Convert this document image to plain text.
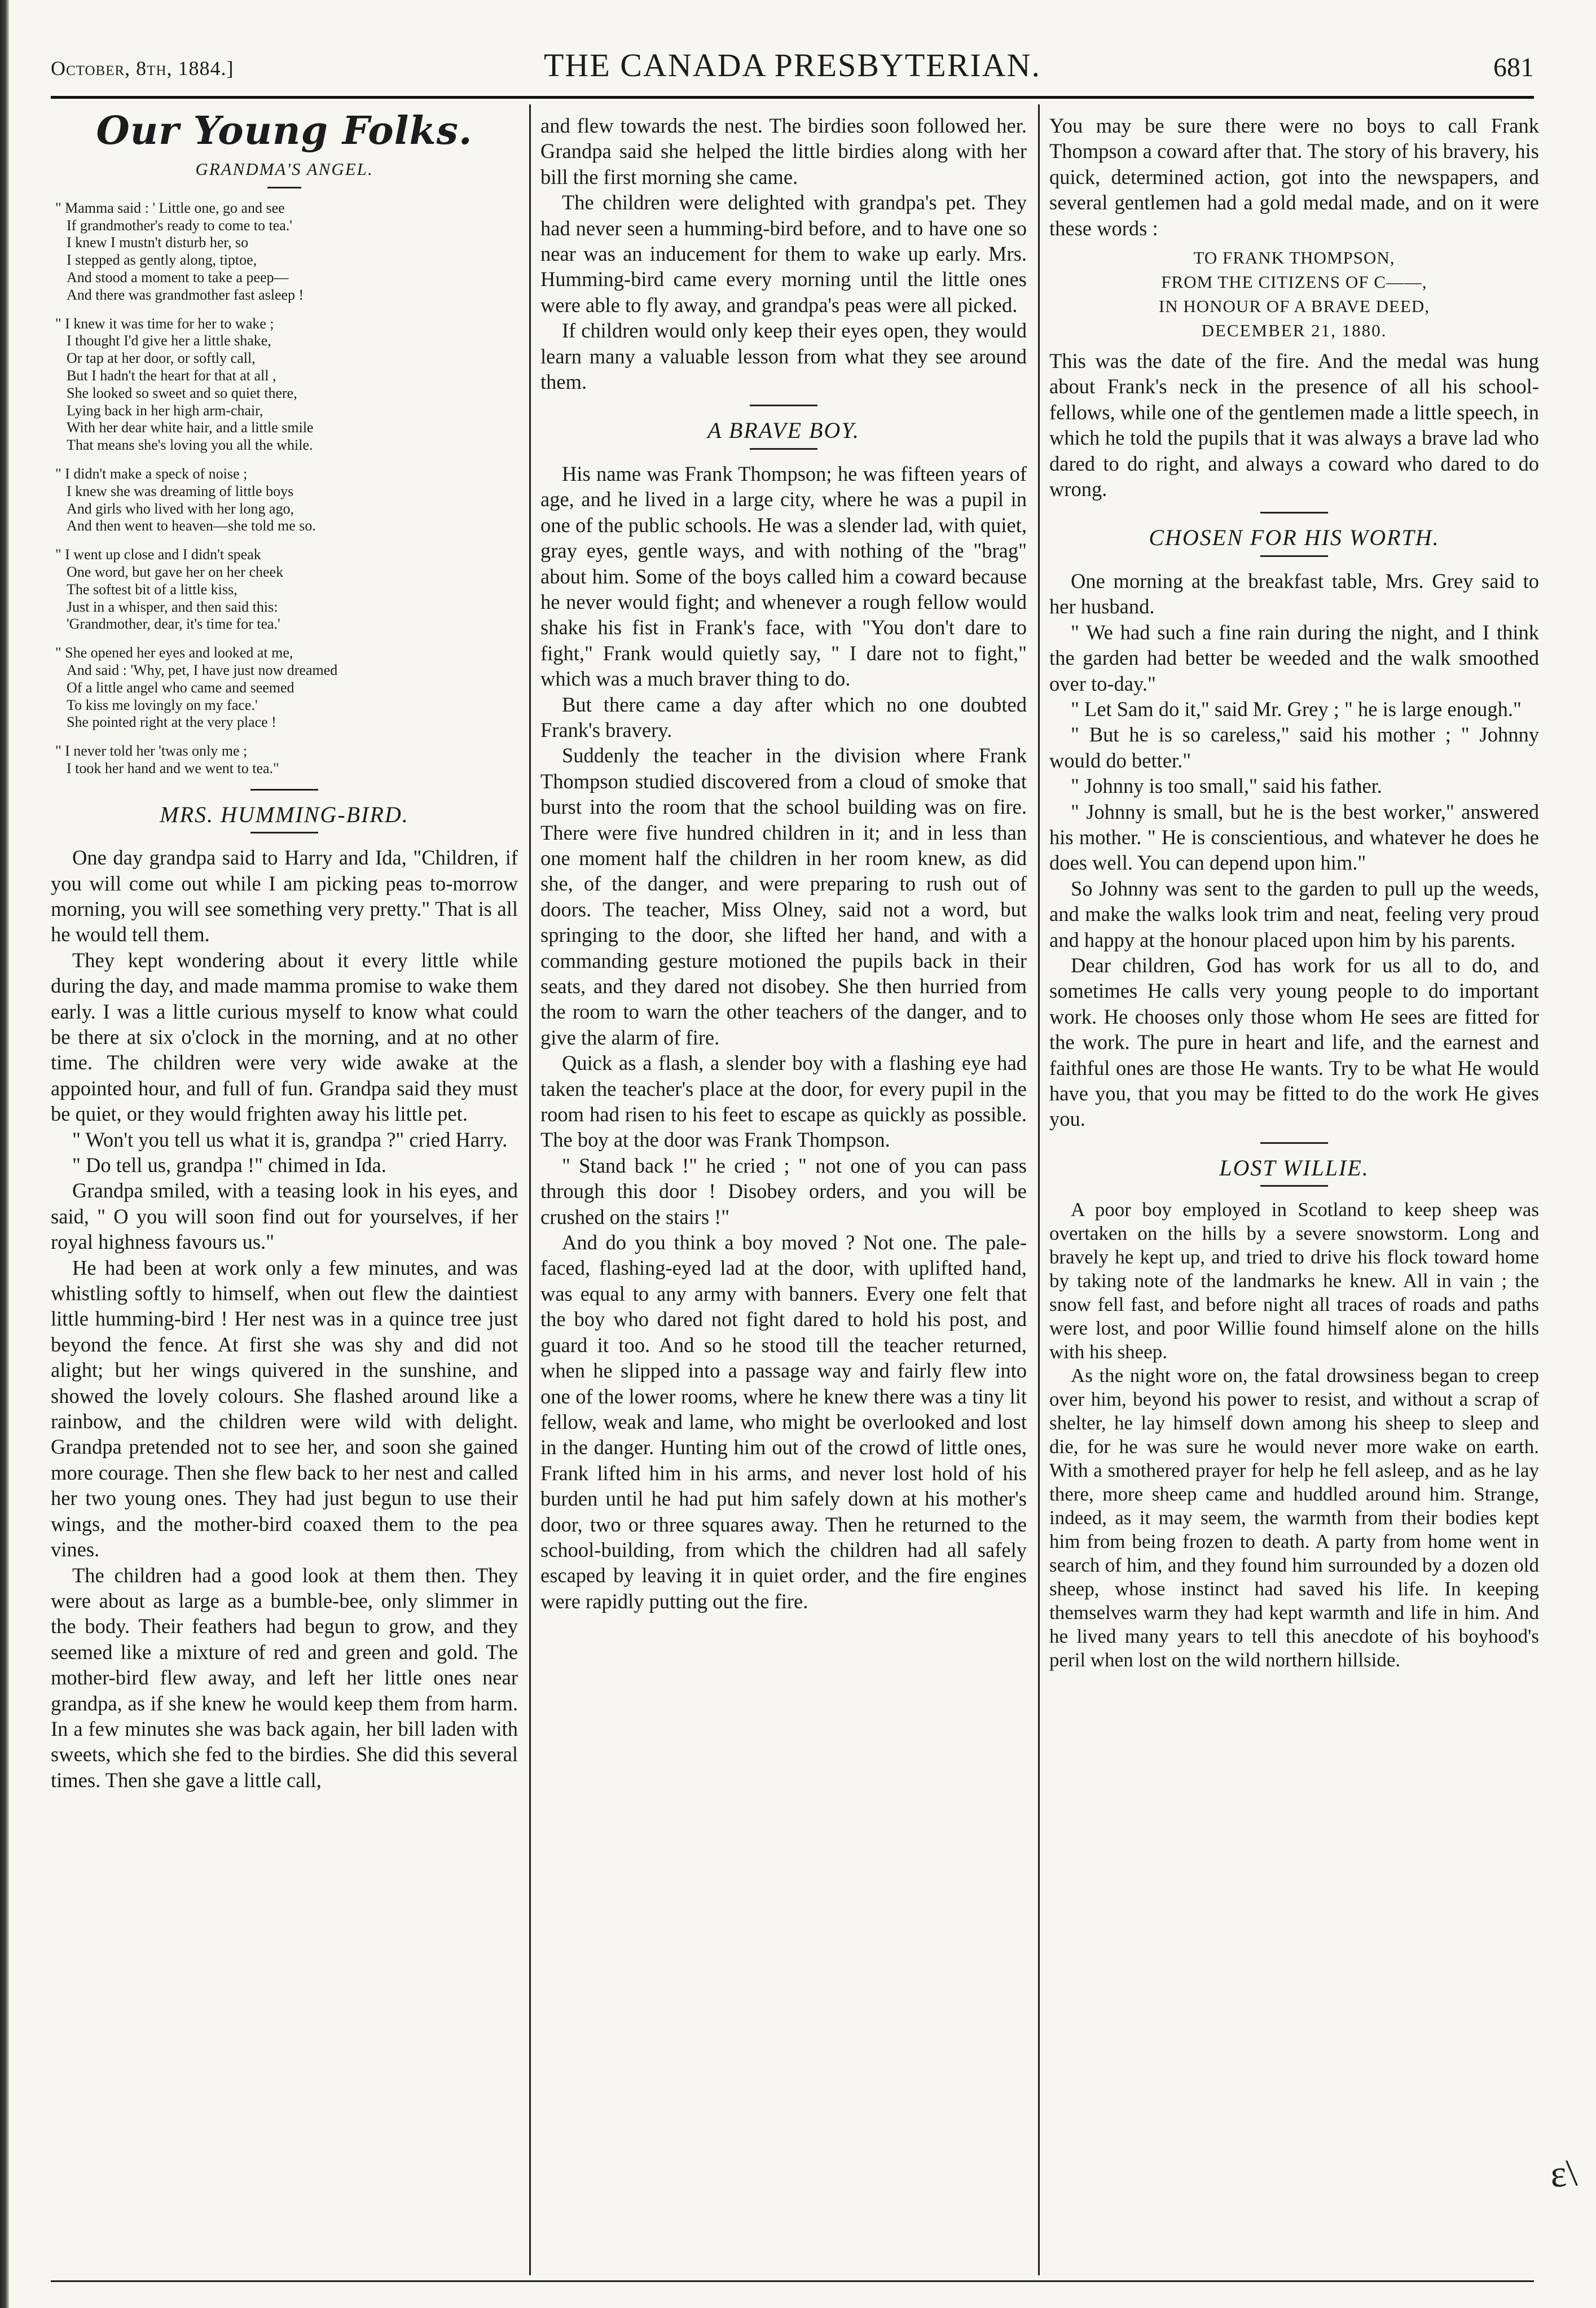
October, 8th, 1884.]	THE CANADA PRESBYTERIAN.	681
Our Young Folks.
GRANDMA'S ANGEL.
" Mamma said : ' Little one, go and see
If grandmother's ready to come to tea.'
I knew I mustn't disturb her, so
I stepped as gently along, tiptoe,
And stood a moment to take a peep—
And there was grandmother fast asleep !
" I knew it was time for her to wake ;
I thought I'd give her a little shake,
Or tap at her door, or softly call,
But I hadn't the heart for that at all ,
She looked so sweet and so quiet there,
Lying back in her high arm-chair,
With her dear white hair, and a little smile
That means she's loving you all the while.
" I didn't make a speck of noise ;
I knew she was dreaming of little boys
And girls who lived with her long ago,
And then went to heaven—she told me so.
" I went up close and I didn't speak
One word, but gave her on her cheek
The softest bit of a little kiss,
Just in a whisper, and then said this:
'Grandmother, dear, it's time for tea.'
" She opened her eyes and looked at me,
And said : 'Why, pet, I have just now dreamed
Of a little angel who came and seemed
To kiss me lovingly on my face.'
She pointed right at the very place !
" I never told her 'twas only me ;
I took her hand and we went to tea."
MRS. HUMMING-BIRD.

One day grandpa said to Harry and Ida, "Children, if you will come out while I am picking peas to-morrow morning, you will see something very pretty." That is all he would tell them.

They kept wondering about it every little while during the day, and made mamma promise to wake them early. I was a little curious myself to know what could be there at six o'clock in the morning, and at no other time. The children were very wide awake at the appointed hour, and full of fun. Grandpa said they must be quiet, or they would frighten away his little pet.

" Won't you tell us what it is, grandpa ?" cried Harry.

" Do tell us, grandpa !" chimed in Ida.

Grandpa smiled, with a teasing look in his eyes, and said, " O you will soon find out for yourselves, if her royal highness favours us."

He had been at work only a few minutes, and was whistling softly to himself, when out flew the daintiest little humming-bird ! Her nest was in a quince tree just beyond the fence. At first she was shy and did not alight; but her wings quivered in the sunshine, and showed the lovely colours. She flashed around like a rainbow, and the children were wild with delight. Grandpa pretended not to see her, and soon she gained more courage. Then she flew back to her nest and called her two young ones. They had just begun to use their wings, and the mother-bird coaxed them to the pea vines.

The children had a good look at them then. They were about as large as a bumble-bee, only slimmer in the body. Their feathers had begun to grow, and they seemed like a mixture of red and green and gold. The mother-bird flew away, and left her little ones near grandpa, as if she knew he would keep them from harm. In a few minutes she was back again, her bill laden with sweets, which she fed to the birdies. She did this several times. Then she gave a little call,

and flew towards the nest. The birdies soon followed her. Grandpa said she helped the little birdies along with her bill the first morning she came.

The children were delighted with grandpa's pet. They had never seen a humming-bird before, and to have one so near was an inducement for them to wake up early. Mrs. Humming-bird came every morning until the little ones were able to fly away, and grandpa's peas were all picked.

If children would only keep their eyes open, they would learn many a valuable lesson from what they see around them.

A BRAVE BOY.

His name was Frank Thompson; he was fifteen years of age, and he lived in a large city, where he was a pupil in one of the public schools. He was a slender lad, with quiet, gray eyes, gentle ways, and with nothing of the "brag" about him. Some of the boys called him a coward because he never would fight; and whenever a rough fellow would shake his fist in Frank's face, with "You don't dare to fight," Frank would quietly say, " I dare not to fight," which was a much braver thing to do.

But there came a day after which no one doubted Frank's bravery.

Suddenly the teacher in the division where Frank Thompson studied discovered from a cloud of smoke that burst into the room that the school building was on fire. There were five hundred children in it; and in less than one moment half the children in her room knew, as did she, of the danger, and were preparing to rush out of doors. The teacher, Miss Olney, said not a word, but springing to the door, she lifted her hand, and with a commanding gesture motioned the pupils back in their seats, and they dared not disobey. She then hurried from the room to warn the other teachers of the danger, and to give the alarm of fire.

Quick as a flash, a slender boy with a flashing eye had taken the teacher's place at the door, for every pupil in the room had risen to his feet to escape as quickly as possible. The boy at the door was Frank Thompson.

" Stand back !" he cried ; " not one of you can pass through this door ! Disobey orders, and you will be crushed on the stairs !"

And do you think a boy moved ? Not one. The pale-faced, flashing-eyed lad at the door, with uplifted hand, was equal to any army with banners. Every one felt that the boy who dared not fight dared to hold his post, and guard it too. And so he stood till the teacher returned, when he slipped into a passage way and fairly flew into one of the lower rooms, where he knew there was a tiny lit fellow, weak and lame, who might be overlooked and lost in the danger. Hunting him out of the crowd of little ones, Frank lifted him in his arms, and never lost hold of his burden until he had put him safely down at his mother's door, two or three squares away. Then he returned to the school-building, from which the children had all safely escaped by leaving it in quiet order, and the fire engines were rapidly putting out the fire.

You may be sure there were no boys to call Frank Thompson a coward after that. The story of his bravery, his quick, determined action, got into the newspapers, and several gentlemen had a gold medal made, and on it were these words :

TO FRANK THOMPSON,
FROM THE CITIZENS OF C——,
IN HONOUR OF A BRAVE DEED,
DECEMBER 21, 1880.

This was the date of the fire. And the medal was hung about Frank's neck in the presence of all his school-fellows, while one of the gentlemen made a little speech, in which he told the pupils that it was always a brave lad who dared to do right, and always a coward who dared to do wrong.

CHOSEN FOR HIS WORTH.

One morning at the breakfast table, Mrs. Grey said to her husband.

" We had such a fine rain during the night, and I think the garden had better be weeded and the walk smoothed over to-day."

" Let Sam do it," said Mr. Grey ; " he is large enough."

" But he is so careless," said his mother ; " Johnny would do better."

" Johnny is too small," said his father.

" Johnny is small, but he is the best worker," answered his mother. " He is conscientious, and whatever he does he does well. You can depend upon him."

So Johnny was sent to the garden to pull up the weeds, and make the walks look trim and neat, feeling very proud and happy at the honour placed upon him by his parents.

Dear children, God has work for us all to do, and sometimes He calls very young people to do important work. He chooses only those whom He sees are fitted for the work. The pure in heart and life, and the earnest and faithful ones are those He wants. Try to be what He would have you, that you may be fitted to do the work He gives you.

LOST WILLIE.

A poor boy employed in Scotland to keep sheep was overtaken on the hills by a severe snowstorm. Long and bravely he kept up, and tried to drive his flock toward home by taking note of the landmarks he knew. All in vain ; the snow fell fast, and before night all traces of roads and paths were lost, and poor Willie found himself alone on the hills with his sheep.

As the night wore on, the fatal drowsiness began to creep over him, beyond his power to resist, and without a scrap of shelter, he lay himself down among his sheep to sleep and die, for he was sure he would never more wake on earth. With a smothered prayer for help he fell asleep, and as he lay there, more sheep came and huddled around him. Strange, indeed, as it may seem, the warmth from their bodies kept him from being frozen to death. A party from home went in search of him, and they found him surrounded by a dozen old sheep, whose instinct had saved his life. In keeping themselves warm they had kept warmth and life in him. And he lived many years to tell this anecdote of his boyhood's peril when lost on the wild northern hillside.

ε\
